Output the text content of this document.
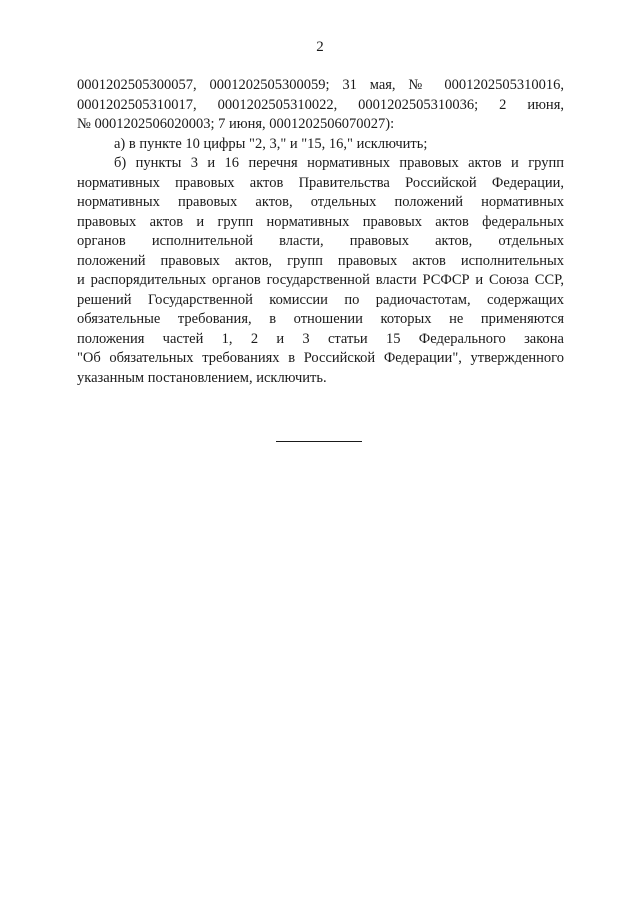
2
0001202505300057, 0001202505300059; 31 мая, № 0001202505310016,
0001202505310017, 0001202505310022, 0001202505310036; 2 июня,
№ 0001202506020003; 7 июня, 0001202506070027):
а) в пункте 10 цифры "2, 3," и "15, 16," исключить;
б) пункты 3 и 16 перечня нормативных правовых актов и групп
нормативных правовых актов Правительства Российской Федерации,
нормативных правовых актов, отдельных положений нормативных
правовых актов и групп нормативных правовых актов федеральных
органов исполнительной власти, правовых актов, отдельных
положений правовых актов, групп правовых актов исполнительных
и распорядительных органов государственной власти РСФСР и Союза ССР,
решений Государственной комиссии по радиочастотам, содержащих
обязательные требования, в отношении которых не применяются
положения частей 1, 2 и 3 статьи 15 Федерального закона
"Об обязательных требованиях в Российской Федерации", утвержденного
указанным постановлением, исключить.
